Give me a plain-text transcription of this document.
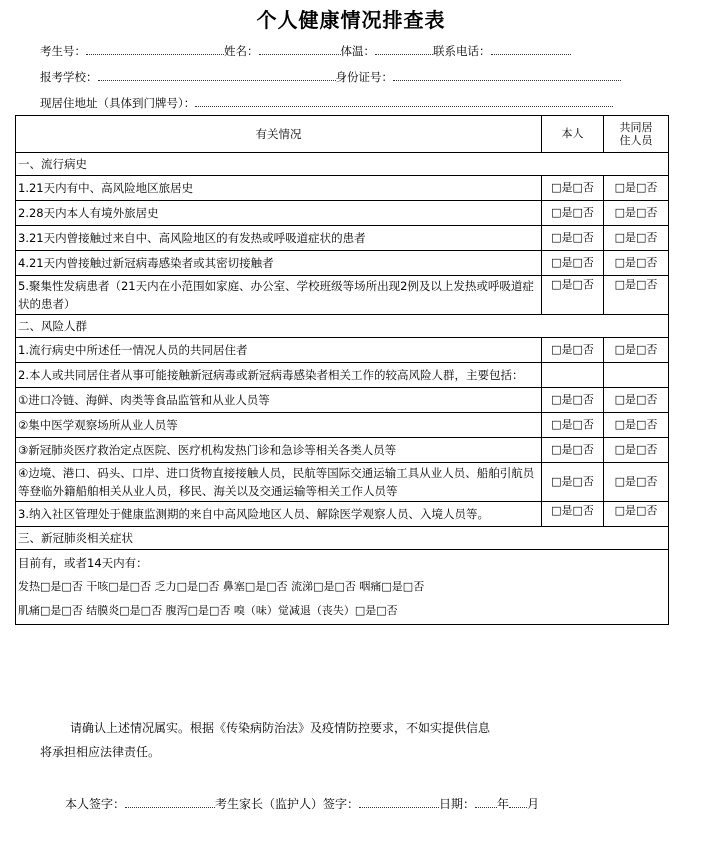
个人健康情况排查表
考生号：	姓名：	体温：	联系电话：
报考学校：	身份证号：
现居住地址（具体到门牌号）：
有关情况	本人	共同居
住人员

一、流行病史		
1.21天内有中、高风险地区旅居史	□是□否	□是□否
2.28天内本人有境外旅居史	□是□否	□是□否
3.21天内曾接触过来自中、高风险地区的有发热或呼吸道症状的患者	□是□否	□是□否
4.21天内曾接触过新冠病毒感染者或其密切接触者	□是□否	□是□否
5.聚集性发病患者（21天内在小范围如家庭、办公室、学校班级等场所出现2例及以上发热或呼吸道症状的患者）	□是□否	□是□否
二、风险人群		
1.流行病史中所述任一情况人员的共同居住者	□是□否	□是□否
2.本人或共同居住者从事可能接触新冠病毒或新冠病毒感染者相关工作的较高风险人群，主要包括：		
①进口冷链、海鲜、肉类等食品监管和从业人员等	□是□否	□是□否
②集中医学观察场所从业人员等	□是□否	□是□否
③新冠肺炎医疗救治定点医院、医疗机构发热门诊和急诊等相关各类人员等	□是□否	□是□否
④边境、港口、码头、口岸、进口货物直接接触人员，民航等国际交通运输工具从业人员、船舶引航员等登临外籍船舶相关从业人员，移民、海关以及交通运输等相关工作人员等	□是□否	□是□否
3.纳入社区管理处于健康监测期的来自中高风险地区人员、解除医学观察人员、入境人员等。	□是□否	□是□否
三、新冠肺炎相关症状		

目前有，或者14天内有：
发热□是□否 干咳□是□否 乏力□是□否 鼻塞□是□否 流涕□是□否 咽痛□是□否
肌痛□是□否 结膜炎□是□否 腹泻□是□否 嗅（味）觉减退（丧失）□是□否		
请确认上述情况属实。根据《传染病防治法》及疫情防控要求，不如实提供信息
将承担相应法律责任。
本人签字：	考生家长（监护人）签字：	日期： 年 月
